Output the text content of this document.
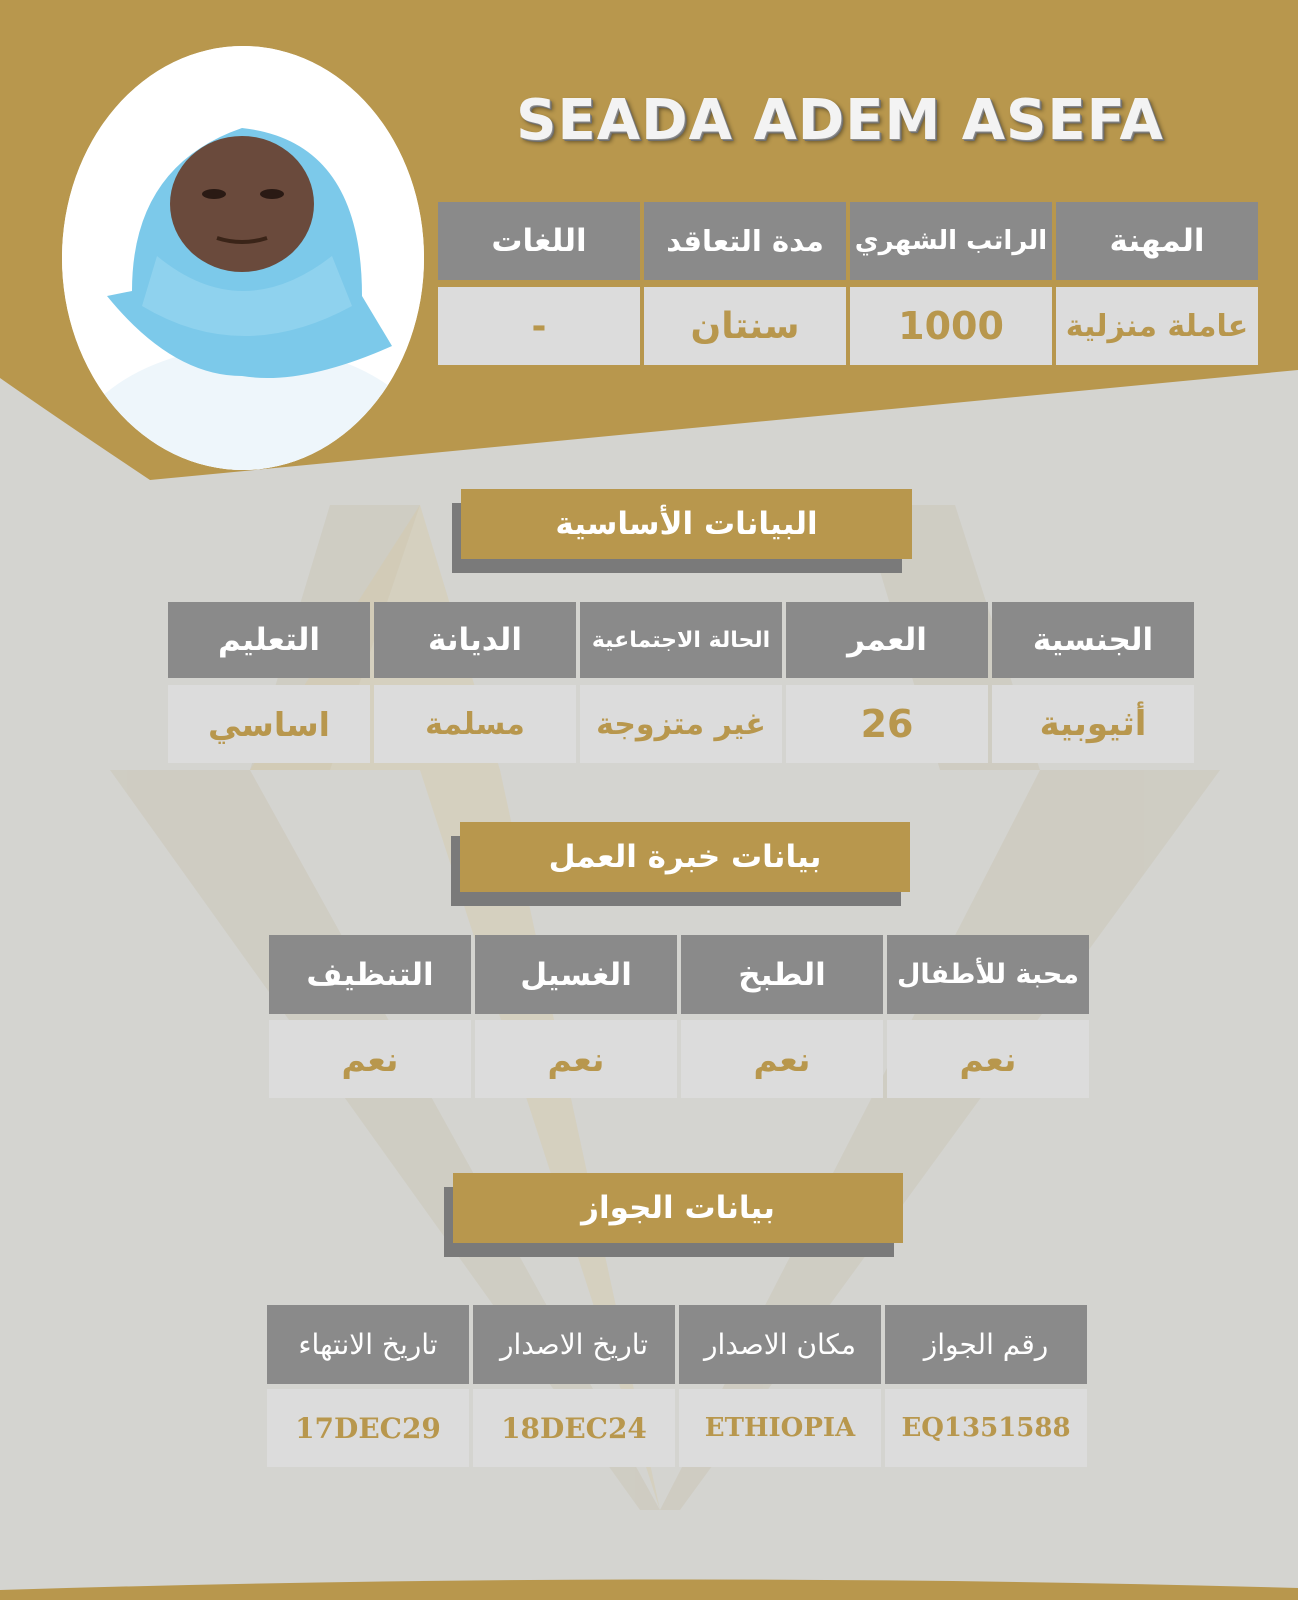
SEADA ADEM ASEFA
المهنة
الراتب الشهري
مدة التعاقد
اللغات
عاملة منزلية
1000
سنتان
-
البيانات الأساسية
الجنسية
العمر
الحالة الاجتماعية
الديانة
التعليم
أثيوبية
26
غير متزوجة
مسلمة
اساسي
بيانات خبرة العمل
محبة للأطفال
الطبخ
الغسيل
التنظيف
نعم
نعم
نعم
نعم
بيانات الجواز
رقم الجواز
مكان الاصدار
تاريخ الاصدار
تاريخ الانتهاء
EQ1351588
ETHIOPIA
18DEC24
17DEC29
